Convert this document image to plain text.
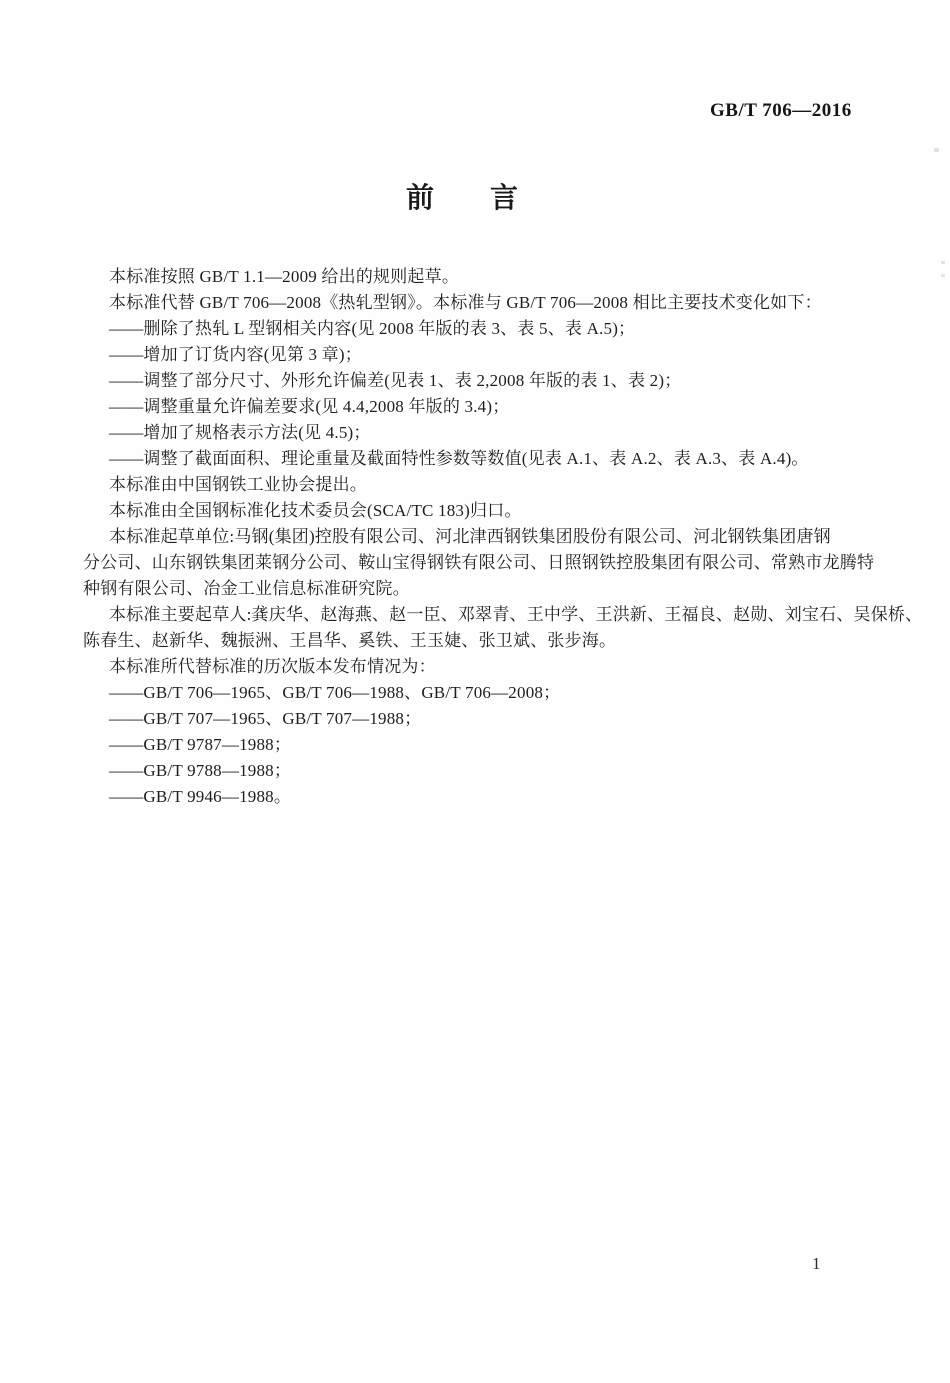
GB/T 706—2016
前　　言
本标准按照 GB/T 1.1—2009 给出的规则起草。
本标准代替 GB/T 706—2008《热轧型钢》。本标准与 GB/T 706—2008 相比主要技术变化如下：
——删除了热轧 L 型钢相关内容(见 2008 年版的表 3、表 5、表 A.5)；
——增加了订货内容(见第 3 章)；
——调整了部分尺寸、外形允许偏差(见表 1、表 2,2008 年版的表 1、表 2)；
——调整重量允许偏差要求(见 4.4,2008 年版的 3.4)；
——增加了规格表示方法(见 4.5)；
——调整了截面面积、理论重量及截面特性参数等数值(见表 A.1、表 A.2、表 A.3、表 A.4)。
本标准由中国钢铁工业协会提出。
本标准由全国钢标准化技术委员会(SCA/TC 183)归口。
本标准起草单位:马钢(集团)控股有限公司、河北津西钢铁集团股份有限公司、河北钢铁集团唐钢
分公司、山东钢铁集团莱钢分公司、鞍山宝得钢铁有限公司、日照钢铁控股集团有限公司、常熟市龙腾特
种钢有限公司、冶金工业信息标准研究院。
本标准主要起草人:龚庆华、赵海燕、赵一臣、邓翠青、王中学、王洪新、王福良、赵勋、刘宝石、吴保桥、
陈春生、赵新华、魏振洲、王昌华、奚铁、王玉婕、张卫斌、张步海。
本标准所代替标准的历次版本发布情况为：
——GB/T 706—1965、GB/T 706—1988、GB/T 706—2008；
——GB/T 707—1965、GB/T 707—1988；
——GB/T 9787—1988；
——GB/T 9788—1988；
——GB/T 9946—1988。
1
